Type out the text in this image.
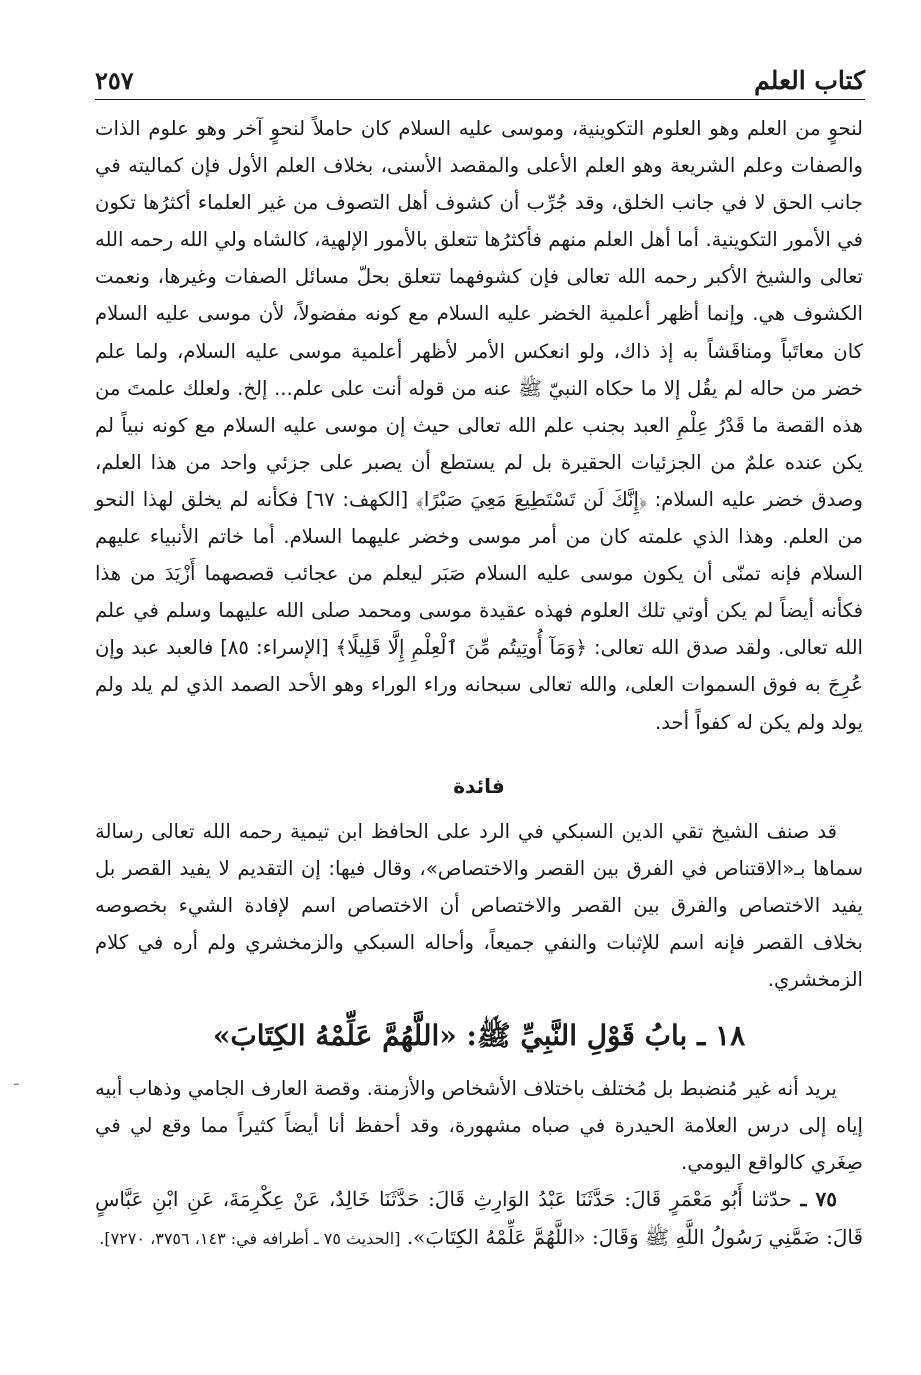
كتاب العلم
٢٥٧

لنحوٍ من العلم وهو العلوم التكوينية، وموسى عليه السلام كان حاملاً لنحوٍ آخر وهو علوم الذات والصفات وعلم الشريعة وهو العلم الأعلى والمقصد الأسنى، بخلاف العلم الأول فإن كماليته في جانب الحق لا في جانب الخلق، وقد جُرِّب أن كشوف أهل التصوف من غير العلماء أكثرُها تكون في الأمور التكوينية. أما أهل العلم منهم فأكثرُها تتعلق بالأمور الإلهية، كالشاه ولي الله رحمه الله تعالى والشيخ الأكبر رحمه الله تعالى فإن كشوفهما تتعلق بحلّ مسائل الصفات وغيرها، ونعمت الكشوف هي. وإنما أظهر أعلمية الخضر عليه السلام مع كونه مفضولاً، لأن موسى عليه السلام كان معاتَباً ومناقَشاً به إذ ذاك، ولو انعكس الأمر لأظهر أعلمية موسى عليه السلام، ولما علم خضر من حاله لم يقُل إلا ما حكاه النبيّ ﷺ عنه من قوله أنت على علم... إلخ. ولعلك علمتَ من هذه القصة ما قَدْرُ عِلْمِ العبد بجنب علم الله تعالى حيث إن موسى عليه السلام مع كونه نبياً لم يكن عنده علمٌ من الجزئيات الحقيرة بل لم يستطع أن يصبر على جزئي واحد من هذا العلم، وصدق خضر عليه السلام: ﴿إِنَّكَ لَن تَسْتَطِيعَ مَعِيَ صَبْرًا﴾ [الكهف: ٦٧] فكأنه لم يخلق لهذا النحو من العلم. وهذا الذي علمته كان من أمر موسى وخضر عليهما السلام. أما خاتم الأنبياء عليهم السلام فإنه تمنّى أن يكون موسى عليه السلام صَبَر ليعلم من عجائب قصصهما أَزْيَدَ من هذا فكأنه أيضاً لم يكن أوتي تلك العلوم فهذه عقيدة موسى ومحمد صلى الله عليهما وسلم في علم الله تعالى. ولقد صدق الله تعالى: ﴿وَمَآ أُوتِيتُم مِّنَ ٱلْعِلْمِ إِلَّا قَلِيلًا﴾ [الإسراء: ٨٥] فالعبد عبد وإن عُرِجَ به فوق السموات العلى، والله تعالى سبحانه وراء الوراء وهو الأحد الصمد الذي لم يلد ولم يولد ولم يكن له كفواً أحد.

فائدة

قد صنف الشيخ تقي الدين السبكي في الرد على الحافظ ابن تيمية رحمه الله تعالى رسالة سماها بـ«الاقتناص في الفرق بين القصر والاختصاص»، وقال فيها: إن التقديم لا يفيد القصر بل يفيد الاختصاص والفرق بين القصر والاختصاص أن الاختصاص اسم لإفادة الشيء بخصوصه بخلاف القصر فإنه اسم للإثبات والنفي جميعاً، وأحاله السبكي والزمخشري ولم أره في كلام الزمخشري.

١٨ ـ بابُ قَوْلِ النَّبِيِّ ﷺ: «اللَّهُمَّ عَلِّمْهُ الكِتَابَ»

يريد أنه غير مُنضبط بل مُختلف باختلاف الأشخاص والأزمنة. وقصة العارف الجامي وذهاب أبيه إياه إلى درس العلامة الحيدرة في صباه مشهورة، وقد أحفظ أنا أيضاً كثيراً مما وقع لي في صِغَري كالواقع اليومي.

٧٥ ـ حدّثنا أَبُو مَعْمَرٍ قَالَ: حَدَّثَنَا عَبْدُ الوَارِثِ قَالَ: حَدَّثَنَا خَالِدٌ، عَنْ عِكْرِمَةَ، عَنِ ابْنِ عَبَّاسٍ قَالَ: ضَمَّنِي رَسُولُ اللَّهِ ﷺ وَقَالَ: «اللَّهُمَّ عَلِّمْهُ الكِتَابَ». [الحديث ٧٥ ـ أطرافه في: ١٤٣، ٣٧٥٦، ٧٢٧٠].

ـ
